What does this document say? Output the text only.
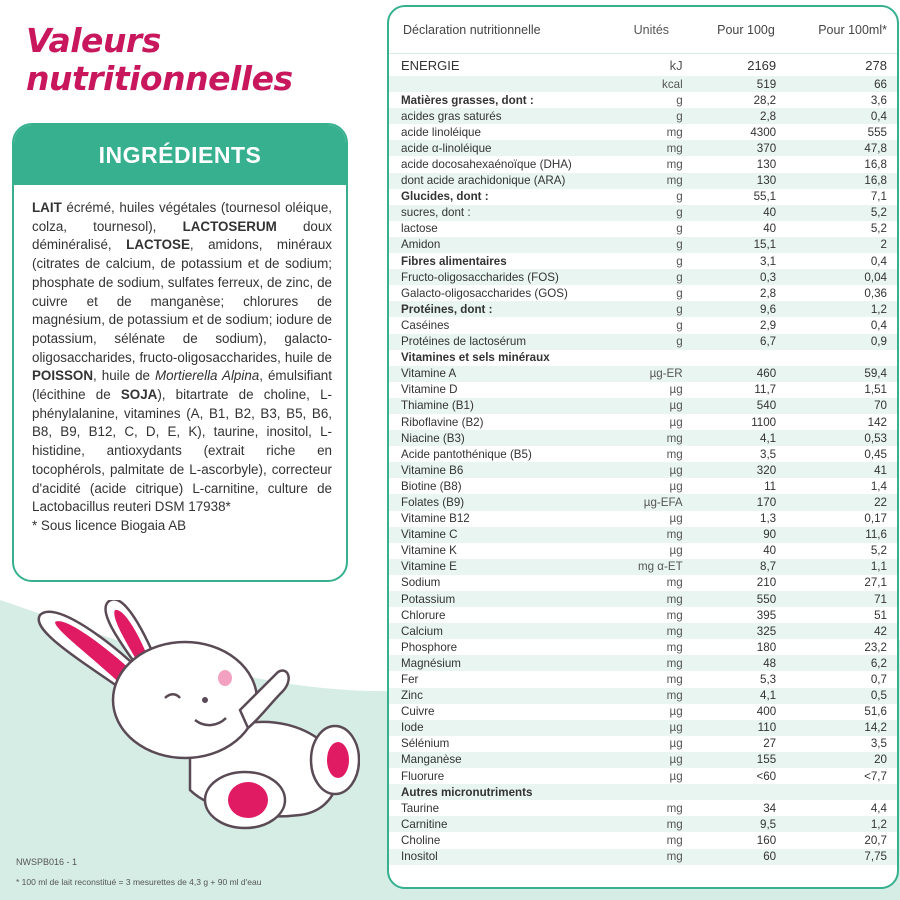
Valeurs
nutritionnelles
INGRÉDIENTS
LAIT écrémé, huiles végétales (tournesol oléique, colza, tournesol), LACTOSERUM doux déminéralisé, LACTOSE, amidons, minéraux (citrates de calcium, de potassium et de sodium; phosphate de sodium, sulfates ferreux, de zinc, de cuivre et de manganèse; chlorures de magnésium, de potassium et de sodium; iodure de potassium, sélénate de sodium), galacto-oligosaccharides, fructo-oligosaccharides, huile de POISSON, huile de Mortierella Alpina, émulsifiant (lécithine de SOJA), bitartrate de choline, L-phénylalanine, vitamines (A, B1, B2, B3, B5, B6, B8, B9, B12, C, D, E, K), taurine, inositol, L-histidine, antioxydants (extrait riche en tocophérols, palmitate de L-ascorbyle), correcteur d'acidité (acide citrique) L-carnitine, culture de Lactobacillus reuteri DSM 17938*
* Sous licence Biogaia AB
NWSPB016 - 1
* 100 ml de lait reconstitué = 3 mesurettes de 4,3 g + 90 ml d'eau
Déclaration nutritionnelle	Unités	Pour 100g	Pour 100ml*
ENERGIE	kJ	2169	278
kcal	519	66
Matières grasses, dont :	g	28,2	3,6
acides gras saturés	g	2,8	0,4
acide linoléique	mg	4300	555
acide α-linoléique	mg	370	47,8
acide docosahexaénoïque (DHA)	mg	130	16,8
dont acide arachidonique (ARA)	mg	130	16,8
Glucides, dont :	g	55,1	7,1
sucres, dont :	g	40	5,2
lactose	g	40	5,2
Amidon	g	15,1	2
Fibres alimentaires	g	3,1	0,4
Fructo-oligosaccharides (FOS)	g	0,3	0,04
Galacto-oligosaccharides (GOS)	g	2,8	0,36
Protéines, dont :	g	9,6	1,2
Caséines	g	2,9	0,4
Protéines de lactosérum	g	6,7	0,9
Vitamines et sels minéraux
Vitamine A	µg-ER	460	59,4
Vitamine D	µg	11,7	1,51
Thiamine (B1)	µg	540	70
Riboflavine (B2)	µg	1100	142
Niacine (B3)	mg	4,1	0,53
Acide pantothénique (B5)	mg	3,5	0,45
Vitamine B6	µg	320	41
Biotine (B8)	µg	11	1,4
Folates (B9)	µg-EFA	170	22
Vitamine B12	µg	1,3	0,17
Vitamine C	mg	90	11,6
Vitamine K	µg	40	5,2
Vitamine E	mg α-ET	8,7	1,1
Sodium	mg	210	27,1
Potassium	mg	550	71
Chlorure	mg	395	51
Calcium	mg	325	42
Phosphore	mg	180	23,2
Magnésium	mg	48	6,2
Fer	mg	5,3	0,7
Zinc	mg	4,1	0,5
Cuivre	µg	400	51,6
Iode	µg	110	14,2
Sélénium	µg	27	3,5
Manganèse	µg	155	20
Fluorure	µg	<60	<7,7
Autres micronutriments
Taurine	mg	34	4,4
Carnitine	mg	9,5	1,2
Choline	mg	160	20,7
Inositol	mg	60	7,75
